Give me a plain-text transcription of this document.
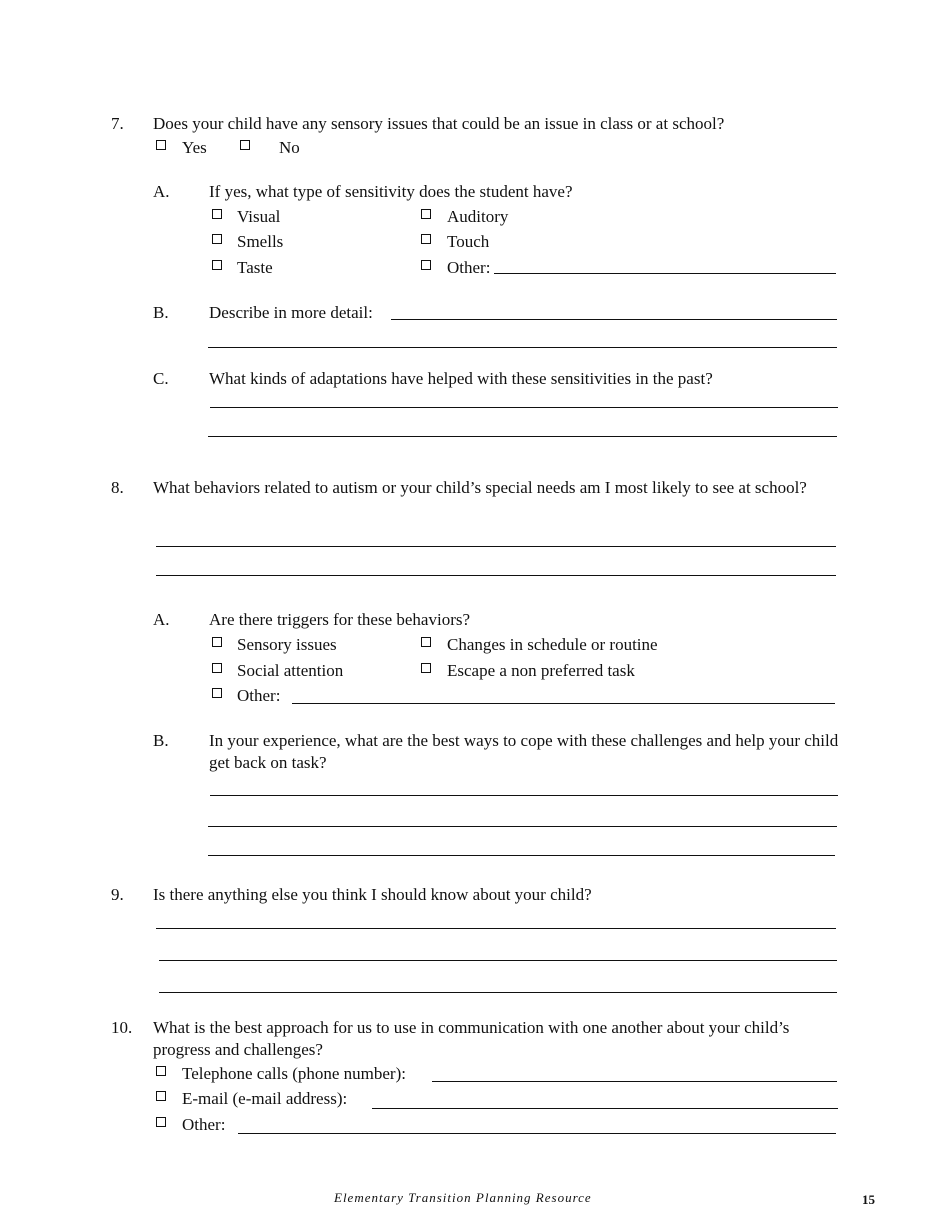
7. Does your child have any sensory issues that could be an issue in class or at school?
Yes	No
A. If yes, what type of sensitivity does the student have?
Visual	Auditory
Smells	Touch
Taste	Other:
B. Describe in more detail:
C. What kinds of adaptations have helped with these sensitivities in the past?
8. What behaviors related to autism or your child’s special needs am I most likely to see at school?
A. Are there triggers for these behaviors?
Sensory issues	Changes in schedule or routine
Social attention	Escape a non preferred task
Other:
B. In your experience, what are the best ways to cope with these challenges and help your child get back on task?
9. Is there anything else you think I should know about your child?
10. What is the best approach for us to use in communication with one another about your child’s progress and challenges?
Telephone calls (phone number):
E-mail (e-mail address):
Other:
Elementary Transition Planning Resource	15
